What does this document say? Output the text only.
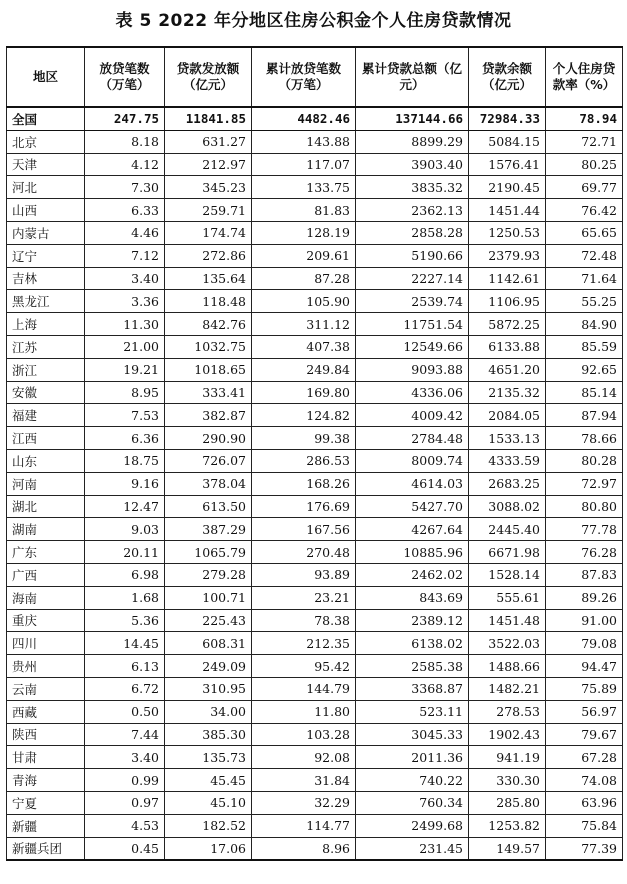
表 5 2022 年分地区住房公积金个人住房贷款情况
地区	放贷笔数（万笔）	贷款发放额（亿元）	累计放贷笔数（万笔）	累计贷款总额（亿元）	贷款余额（亿元）	个人住房贷款率（%）
全国	247.75	11841.85	4482.46	137144.66	72984.33	78.94
北京	8.18	631.27	143.88	8899.29	5084.15	72.71
天津	4.12	212.97	117.07	3903.40	1576.41	80.25
河北	7.30	345.23	133.75	3835.32	2190.45	69.77
山西	6.33	259.71	81.83	2362.13	1451.44	76.42
内蒙古	4.46	174.74	128.19	2858.28	1250.53	65.65
辽宁	7.12	272.86	209.61	5190.66	2379.93	72.48
吉林	3.40	135.64	87.28	2227.14	1142.61	71.64
黑龙江	3.36	118.48	105.90	2539.74	1106.95	55.25
上海	11.30	842.76	311.12	11751.54	5872.25	84.90
江苏	21.00	1032.75	407.38	12549.66	6133.88	85.59
浙江	19.21	1018.65	249.84	9093.88	4651.20	92.65
安徽	8.95	333.41	169.80	4336.06	2135.32	85.14
福建	7.53	382.87	124.82	4009.42	2084.05	87.94
江西	6.36	290.90	99.38	2784.48	1533.13	78.66
山东	18.75	726.07	286.53	8009.74	4333.59	80.28
河南	9.16	378.04	168.26	4614.03	2683.25	72.97
湖北	12.47	613.50	176.69	5427.70	3088.02	80.80
湖南	9.03	387.29	167.56	4267.64	2445.40	77.78
广东	20.11	1065.79	270.48	10885.96	6671.98	76.28
广西	6.98	279.28	93.89	2462.02	1528.14	87.83
海南	1.68	100.71	23.21	843.69	555.61	89.26
重庆	5.36	225.43	78.38	2389.12	1451.48	91.00
四川	14.45	608.31	212.35	6138.02	3522.03	79.08
贵州	6.13	249.09	95.42	2585.38	1488.66	94.47
云南	6.72	310.95	144.79	3368.87	1482.21	75.89
西藏	0.50	34.00	11.80	523.11	278.53	56.97
陕西	7.44	385.30	103.28	3045.33	1902.43	79.67
甘肃	3.40	135.73	92.08	2011.36	941.19	67.28
青海	0.99	45.45	31.84	740.22	330.30	74.08
宁夏	0.97	45.10	32.29	760.34	285.80	63.96
新疆	4.53	182.52	114.77	2499.68	1253.82	75.84
新疆兵团	0.45	17.06	8.96	231.45	149.57	77.39
